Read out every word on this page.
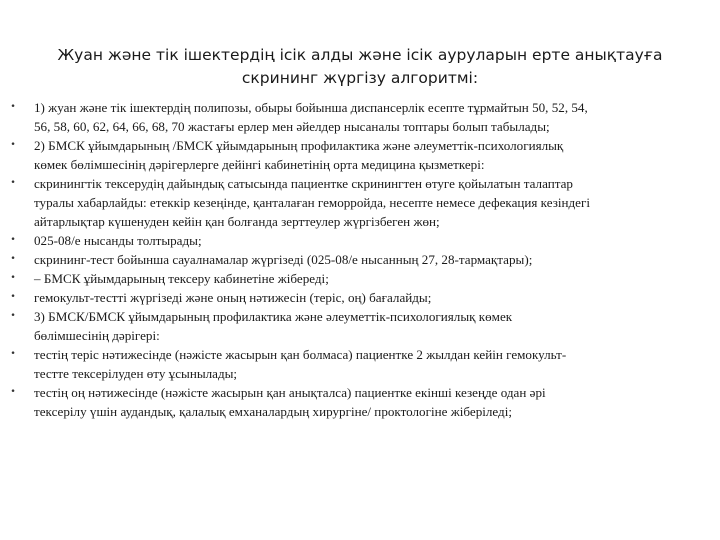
Жуан және тік ішектердің ісік алды және ісік ауруларын ерте анықтауға
скрининг жүргізу алгоритмі:
• 1) жуан және тік ішектердің полипозы, обыры бойынша диспансерлік есепте тұрмайтын 50, 52, 54,
56, 58, 60, 62, 64, 66, 68, 70 жастағы ерлер мен әйелдер нысаналы топтары болып табылады;
• 2) БМСК ұйымдарының /БМСК ұйымдарының профилактика және әлеуметтік-психологиялық
көмек бөлімшесінің дәрігерлерге дейінгі кабинетінің орта медицина қызметкері:
• скринингтік тексерудің дайындық сатысында пациентке скринингтен өтуге қойылатын талаптар
туралы хабарлайды: етеккір кезеңінде, қанталаған геморройда, несепте немесе дефекация кезіндегі
айтарлықтар күшенуден кейін қан болғанда зерттеулер жүргізбеген жөн;
• 025-08/е нысанды толтырады;
• скрининг-тест бойынша сауалнамалар жүргізеді (025-08/е нысанның 27, 28-тармақтары);
• – БМСК ұйымдарының тексеру кабинетіне жібереді;
• гемокульт-тестті жүргізеді және оның нәтижесін (теріс, оң) бағалайды;
• 3) БМСК/БМСК ұйымдарының профилактика және әлеуметтік-психологиялық көмек
бөлімшесінің дәрігері:
• тестің теріс нәтижесінде (нәжісте жасырын қан болмаса) пациентке 2 жылдан кейін гемокульт-
тестте тексерілуден өту ұсынылады;
• тестің оң нәтижесінде (нәжісте жасырын қан анықталса) пациентке екінші кезеңде одан әрі
тексерілу үшін аудандық, қалалық емханалардың хирургіне/ проктологіне жіберіледі;
